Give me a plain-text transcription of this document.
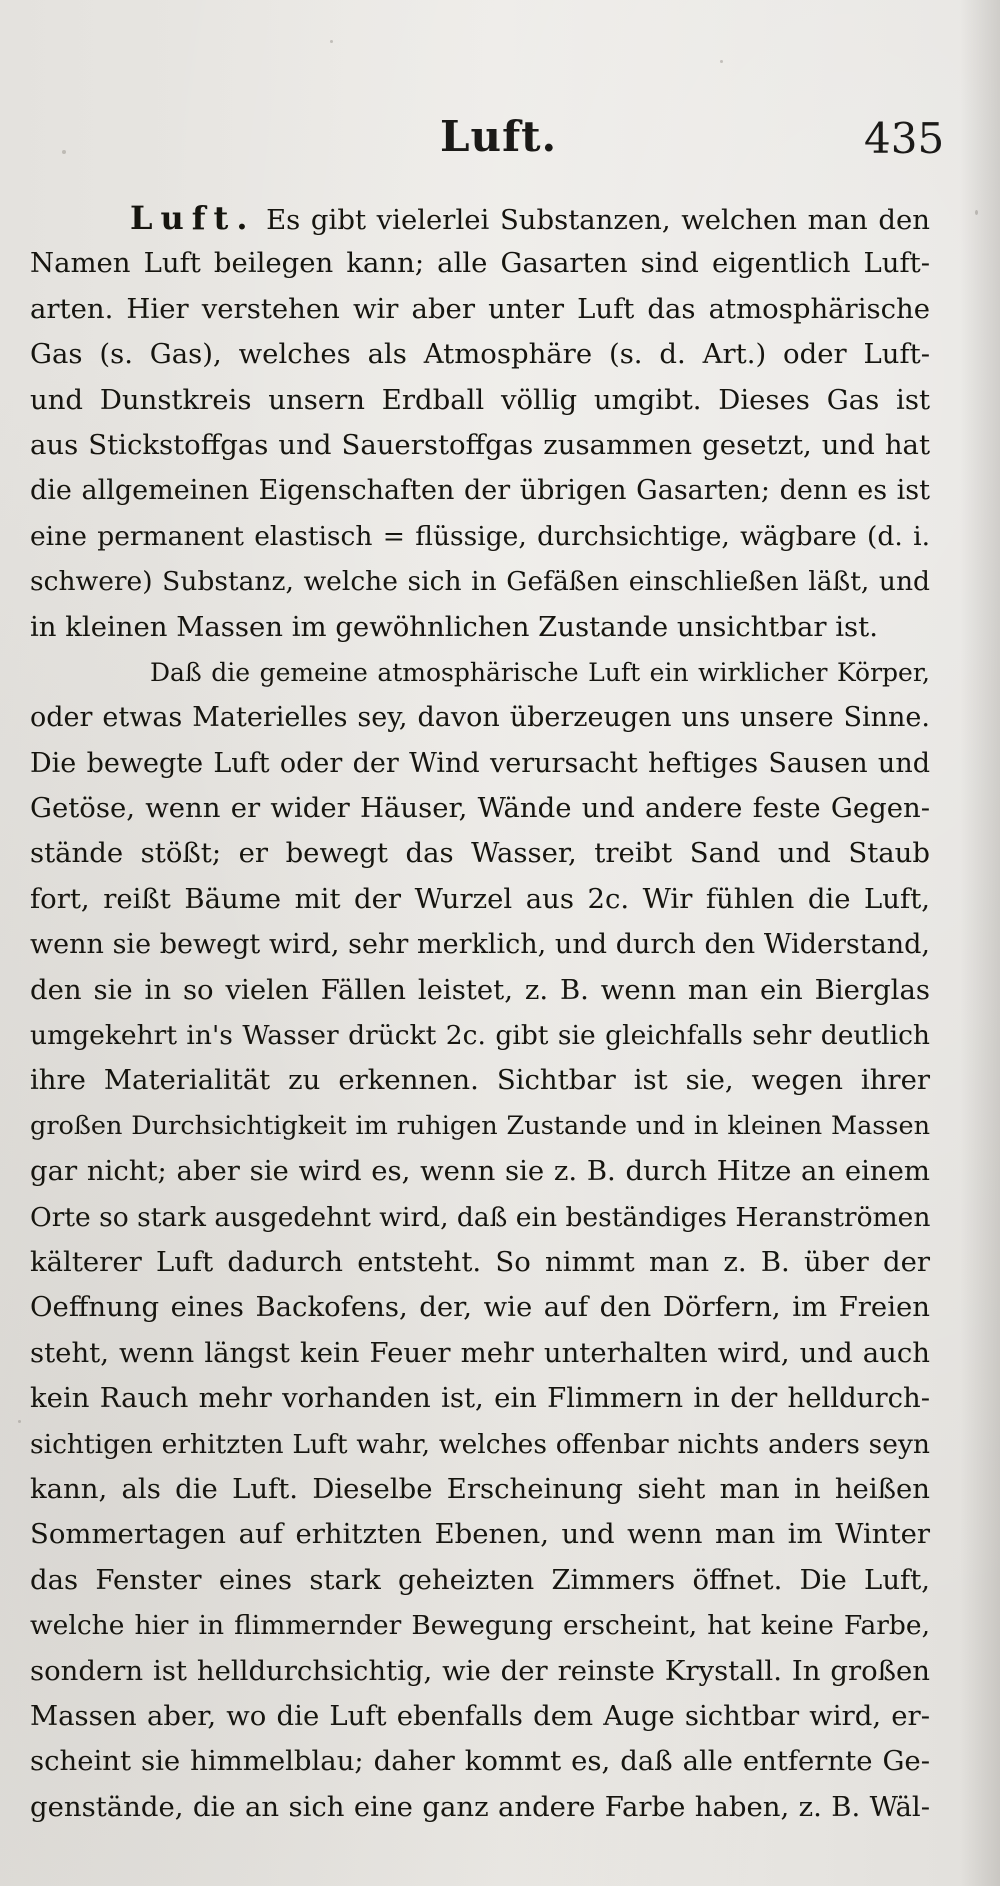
Luft.	435
Luft. Es gibt vielerlei Substanzen, welchen man den
Namen Luft beilegen kann; alle Gasarten sind eigentlich Luft-
arten. Hier verstehen wir aber unter Luft das atmosphärische
Gas (s. Gas), welches als Atmosphäre (s. d. Art.) oder Luft-
und Dunstkreis unsern Erdball völlig umgibt. Dieses Gas ist
aus Stickstoffgas und Sauerstoffgas zusammen gesetzt, und hat
die allgemeinen Eigenschaften der übrigen Gasarten; denn es ist
eine permanent elastisch = flüssige, durchsichtige, wägbare (d. i.
schwere) Substanz, welche sich in Gefäßen einschließen läßt, und
in kleinen Massen im gewöhnlichen Zustande unsichtbar ist.
Daß die gemeine atmosphärische Luft ein wirklicher Körper,
oder etwas Materielles sey, davon überzeugen uns unsere Sinne.
Die bewegte Luft oder der Wind verursacht heftiges Sausen und
Getöse, wenn er wider Häuser, Wände und andere feste Gegen-
stände stößt; er bewegt das Wasser, treibt Sand und Staub
fort, reißt Bäume mit der Wurzel aus 2c. Wir fühlen die Luft,
wenn sie bewegt wird, sehr merklich, und durch den Widerstand,
den sie in so vielen Fällen leistet, z. B. wenn man ein Bierglas
umgekehrt in's Wasser drückt 2c. gibt sie gleichfalls sehr deutlich
ihre Materialität zu erkennen. Sichtbar ist sie, wegen ihrer
großen Durchsichtigkeit im ruhigen Zustande und in kleinen Massen
gar nicht; aber sie wird es, wenn sie z. B. durch Hitze an einem
Orte so stark ausgedehnt wird, daß ein beständiges Heranströmen
kälterer Luft dadurch entsteht. So nimmt man z. B. über der
Oeffnung eines Backofens, der, wie auf den Dörfern, im Freien
steht, wenn längst kein Feuer mehr unterhalten wird, und auch
kein Rauch mehr vorhanden ist, ein Flimmern in der helldurch-
sichtigen erhitzten Luft wahr, welches offenbar nichts anders seyn
kann, als die Luft. Dieselbe Erscheinung sieht man in heißen
Sommertagen auf erhitzten Ebenen, und wenn man im Winter
das Fenster eines stark geheizten Zimmers öffnet. Die Luft,
welche hier in flimmernder Bewegung erscheint, hat keine Farbe,
sondern ist helldurchsichtig, wie der reinste Krystall. In großen
Massen aber, wo die Luft ebenfalls dem Auge sichtbar wird, er-
scheint sie himmelblau; daher kommt es, daß alle entfernte Ge-
genstände, die an sich eine ganz andere Farbe haben, z. B. Wäl-
